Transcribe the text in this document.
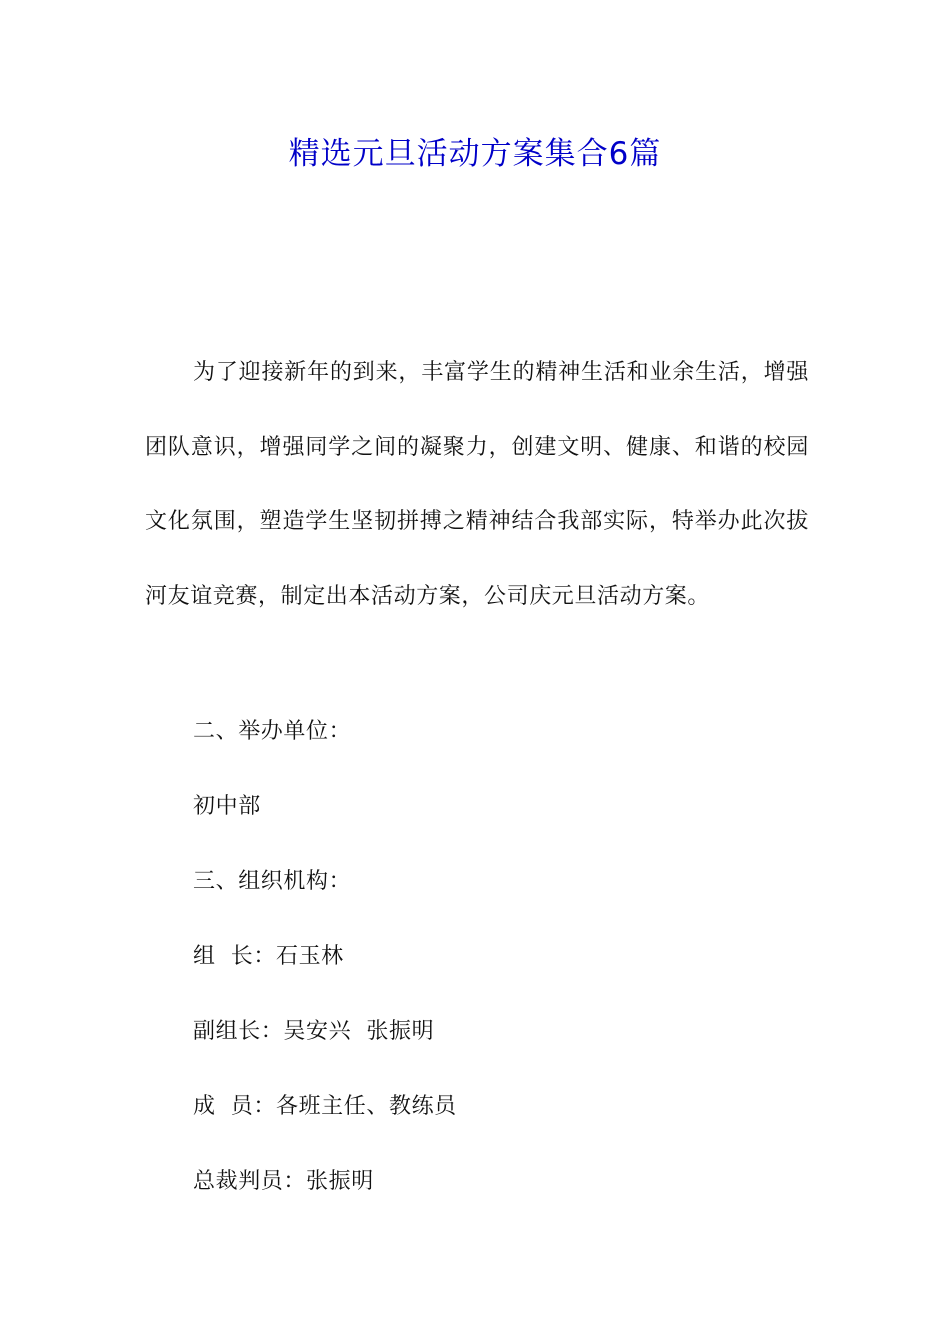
精选元旦活动方案集合6篇
为了迎接新年的到来，丰富学生的精神生活和业余生活，增强团队意识，增强同学之间的凝聚力，创建文明、健康、和谐的校园文化氛围，塑造学生坚韧拼搏之精神结合我部实际，特举办此次拔河友谊竞赛，制定出本活动方案，公司庆元旦活动方案。
二、举办单位：
初中部
三、组织机构：
组  长：石玉林
副组长：吴安兴  张振明
成  员：各班主任、教练员
总裁判员：张振明
